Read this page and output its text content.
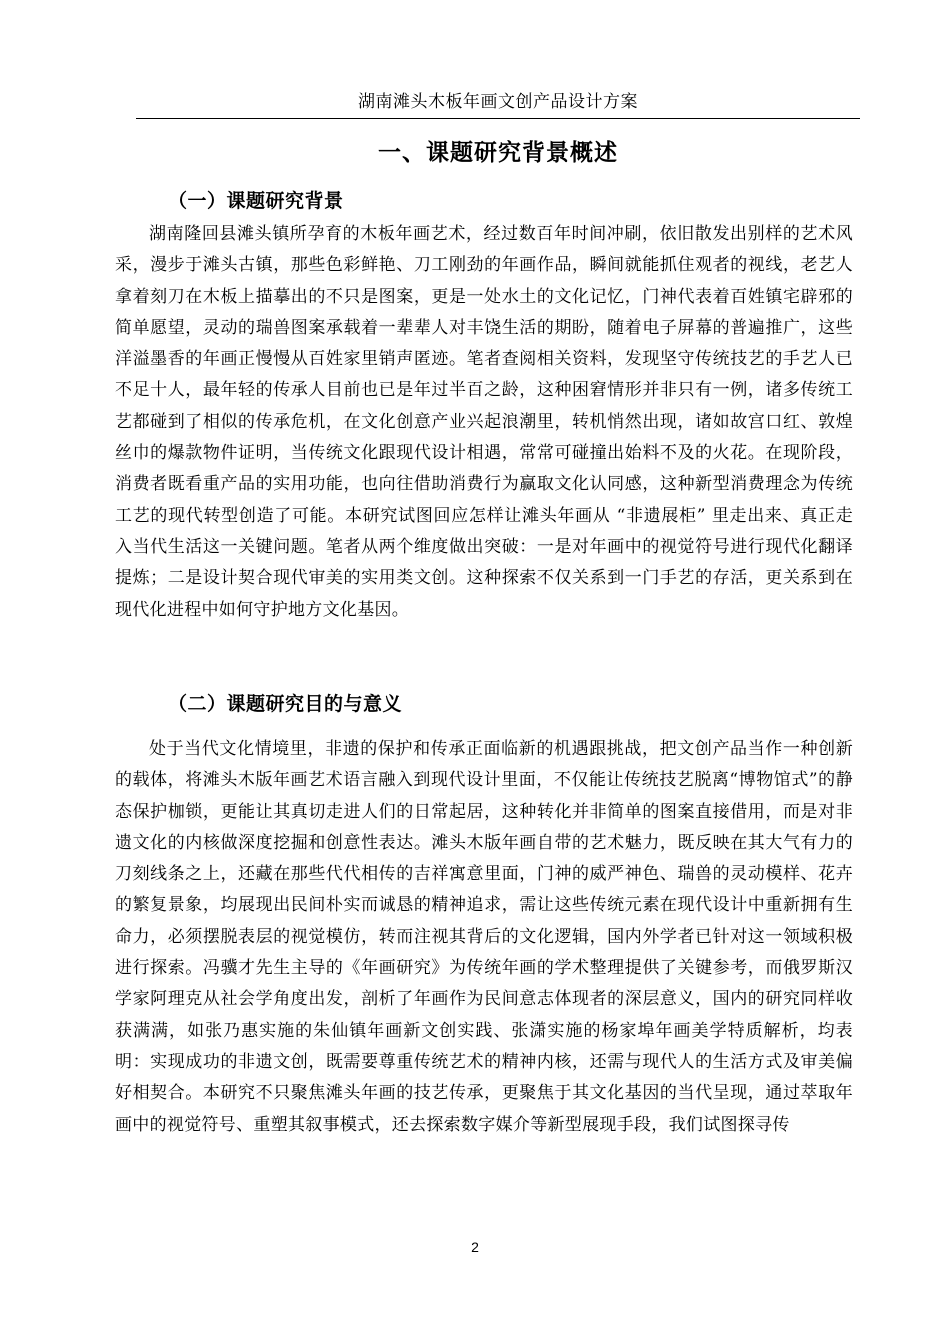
湖南滩头木板年画文创产品设计方案
一、课题研究背景概述
（一）课题研究背景

湖南隆回县滩头镇所孕育的木板年画艺术，经过数百年时间冲刷，依旧散发出别样的艺术风采，漫步于滩头古镇，那些色彩鲜艳、刀工刚劲的年画作品，瞬间就能抓住观者的视线，老艺人拿着刻刀在木板上描摹出的不只是图案，更是一处水土的文化记忆，门神代表着百姓镇宅辟邪的简单愿望，灵动的瑞兽图案承载着一辈辈人对丰饶生活的期盼，随着电子屏幕的普遍推广，这些洋溢墨香的年画正慢慢从百姓家里销声匿迹。笔者查阅相关资料，发现坚守传统技艺的手艺人已不足十人，最年轻的传承人目前也已是年过半百之龄，这种困窘情形并非只有一例，诸多传统工艺都碰到了相似的传承危机，在文化创意产业兴起浪潮里，转机悄然出现，诸如故宫口红、敦煌丝巾的爆款物件证明，当传统文化跟现代设计相遇，常常可碰撞出始料不及的火花。在现阶段，消费者既看重产品的实用功能，也向往借助消费行为赢取文化认同感，这种新型消费理念为传统工艺的现代转型创造了可能。本研究试图回应怎样让滩头年画从 “非遗展柜” 里走出来、真正走入当代生活这一关键问题。笔者从两个维度做出突破：一是对年画中的视觉符号进行现代化翻译提炼；二是设计契合现代审美的实用类文创。这种探索不仅关系到一门手艺的存活，更关系到在现代化进程中如何守护地方文化基因。

（二）课题研究目的与意义

处于当代文化情境里，非遗的保护和传承正面临新的机遇跟挑战，把文创产品当作一种创新的载体，将滩头木版年画艺术语言融入到现代设计里面，不仅能让传统技艺脱离“博物馆式”的静态保护枷锁，更能让其真切走进人们的日常起居，这种转化并非简单的图案直接借用，而是对非遗文化的内核做深度挖掘和创意性表达。滩头木版年画自带的艺术魅力，既反映在其大气有力的刀刻线条之上，还藏在那些代代相传的吉祥寓意里面，门神的威严神色、瑞兽的灵动模样、花卉的繁复景象，均展现出民间朴实而诚恳的精神追求，需让这些传统元素在现代设计中重新拥有生命力，必须摆脱表层的视觉模仿，转而注视其背后的文化逻辑，国内外学者已针对这一领域积极进行探索。冯骥才先生主导的《年画研究》为传统年画的学术整理提供了关键参考，而俄罗斯汉学家阿理克从社会学角度出发，剖析了年画作为民间意志体现者的深层意义，国内的研究同样收获满满，如张乃惠实施的朱仙镇年画新文创实践、张潇实施的杨家埠年画美学特质解析，均表明：实现成功的非遗文创，既需要尊重传统艺术的精神内核，还需与现代人的生活方式及审美偏好相契合。本研究不只聚焦滩头年画的技艺传承，更聚焦于其文化基因的当代呈现，通过萃取年画中的视觉符号、重塑其叙事模式，还去探索数字媒介等新型展现手段，我们试图探寻传

2
